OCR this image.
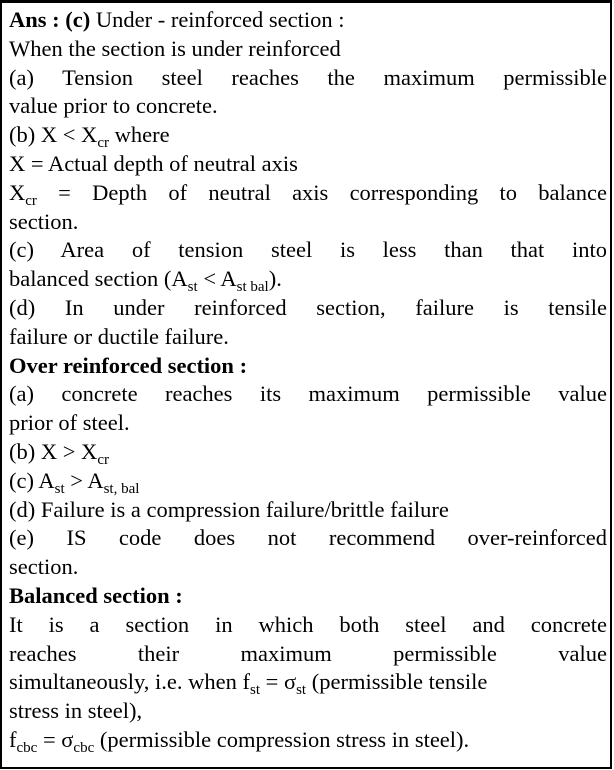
Ans : (c) Under - reinforced section :
When the section is under reinforced
(a) Tension steel reaches the maximum permissible
value prior to concrete.
(b) $X < X_{cr}$ where
X = Actual depth of neutral axis
$X_{cr}$ = Depth of neutral axis corresponding to balance
section.
(c) Area of tension steel is less than that into
balanced section $(A_{st} < A_{st bal})$.
(d) In under reinforced section, failure is tensile
failure or ductile failure.
Over reinforced section :
(a) concrete reaches its maximum permissible value
prior of steel.
(b) $X > X_{cr}$
(c) $A_{st} > A_{st, bal}$
(d) Failure is a compression failure/brittle failure
(e) IS code does not recommend over-reinforced
section.
Balanced section :
It is a section in which both steel and concrete
reaches their maximum permissible value
simultaneously, i.e. when $f_{st} = \sigma_{st}$ (permissible tensile
stress in steel),
$f_{cbc} = \sigma_{cbc}$ (permissible compression stress in steel).
